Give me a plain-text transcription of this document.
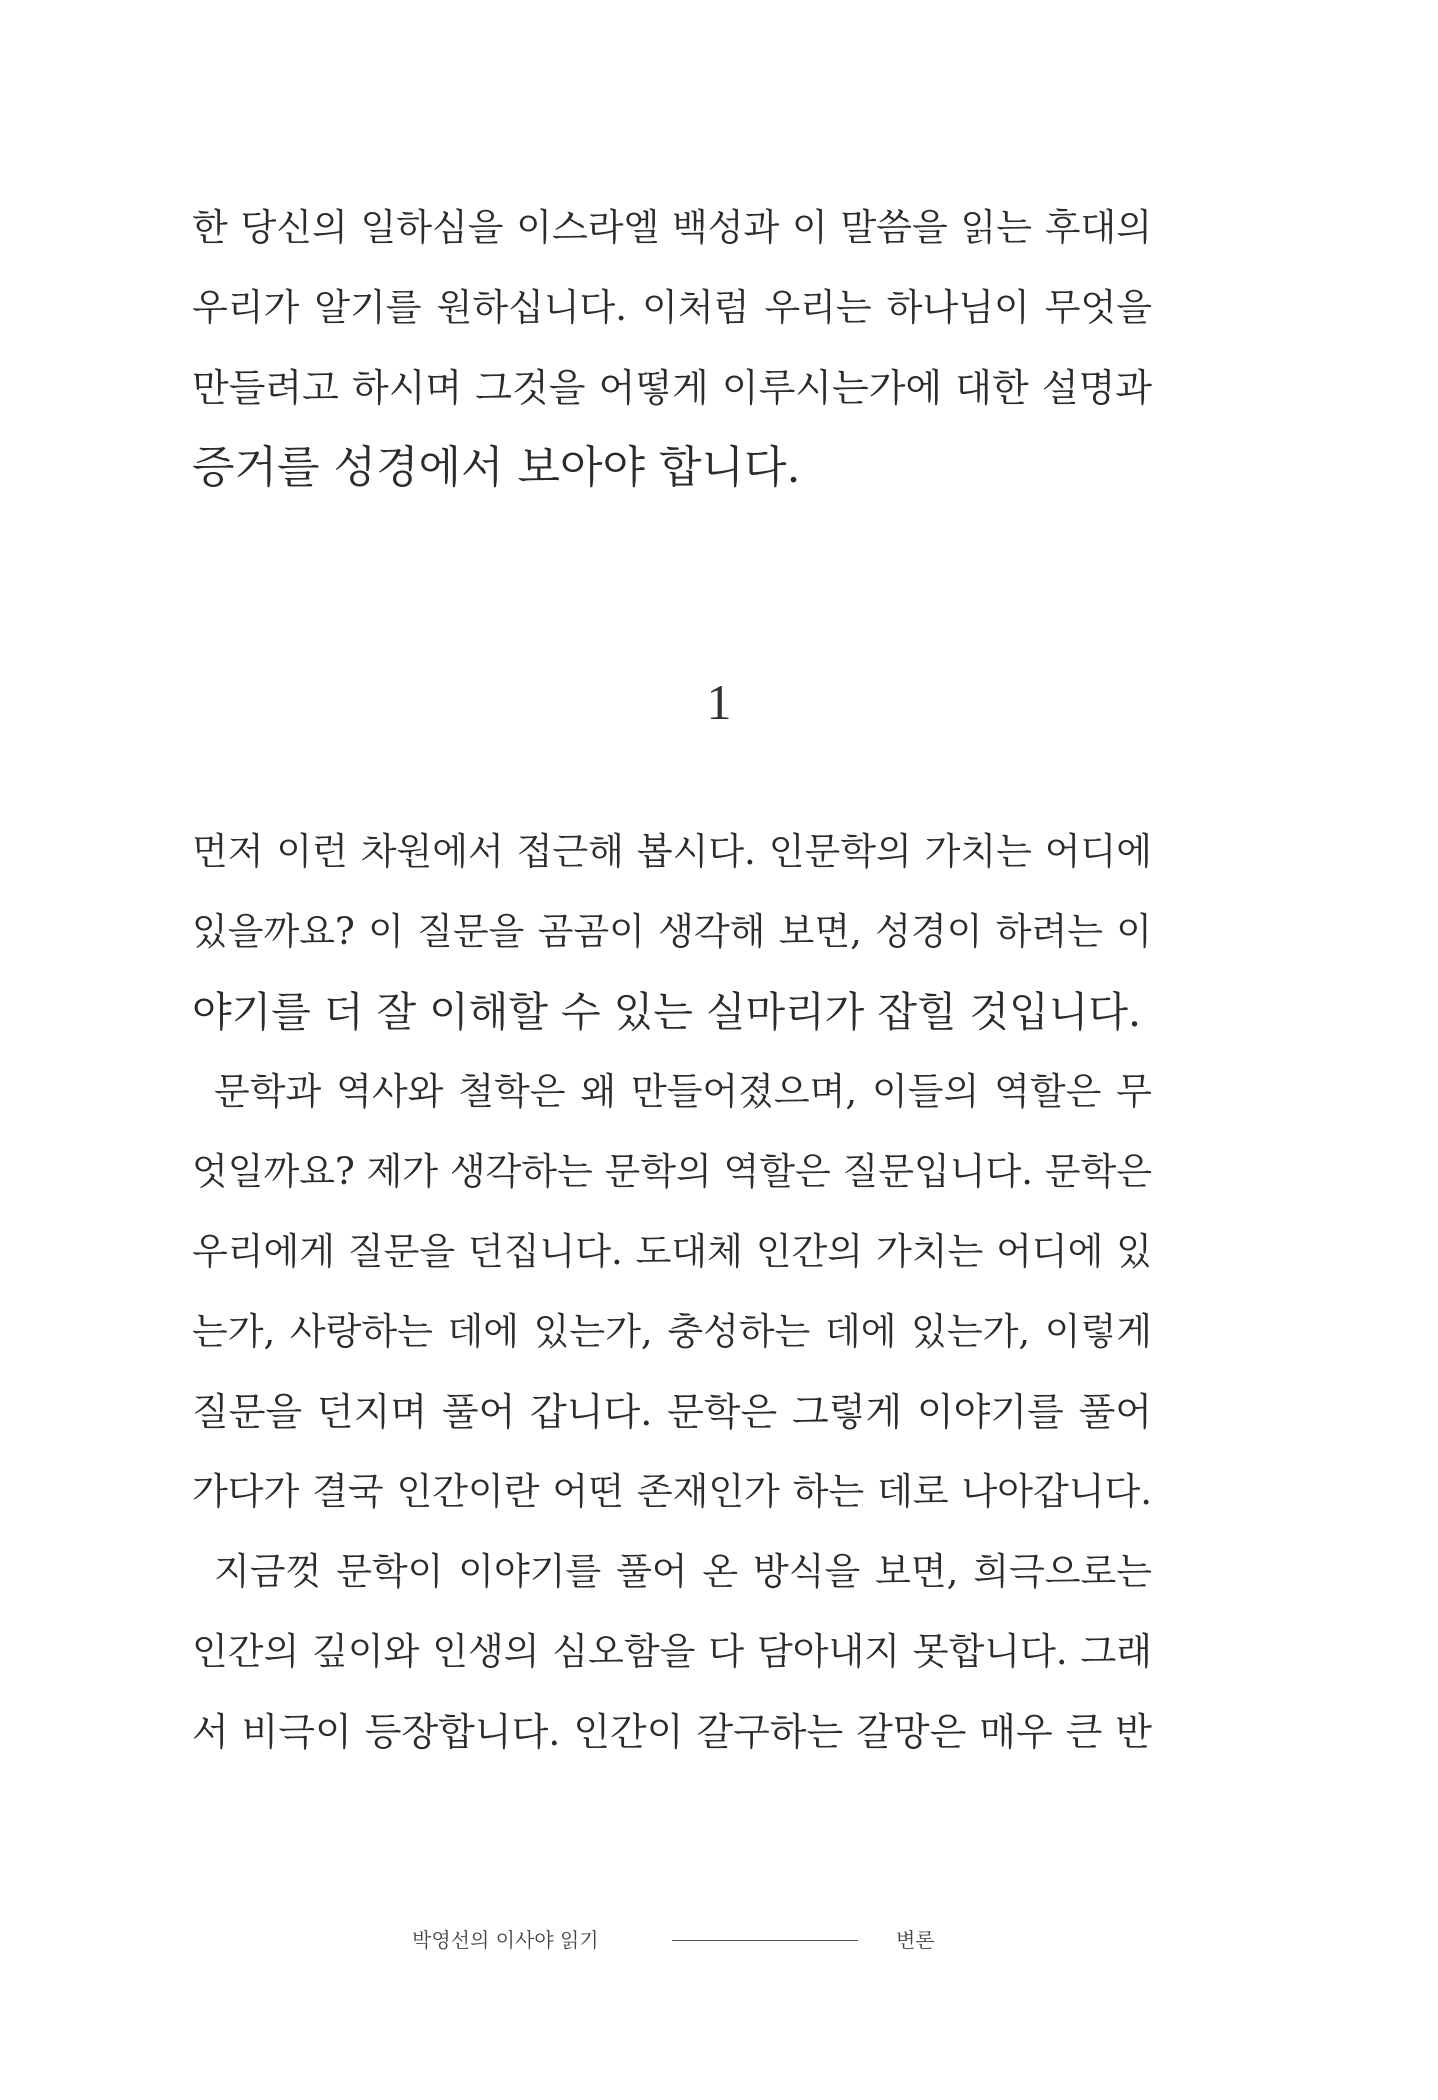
한 당신의 일하심을 이스라엘 백성과 이 말씀을 읽는 후대의
우리가 알기를 원하십니다. 이처럼 우리는 하나님이 무엇을
만들려고 하시며 그것을 어떻게 이루시는가에 대한 설명과
증거를 성경에서 보아야 합니다.
1
먼저 이런 차원에서 접근해 봅시다. 인문학의 가치는 어디에
있을까요? 이 질문을 곰곰이 생각해 보면, 성경이 하려는 이
야기를 더 잘 이해할 수 있는 실마리가 잡힐 것입니다.
문학과 역사와 철학은 왜 만들어졌으며, 이들의 역할은 무
엇일까요? 제가 생각하는 문학의 역할은 질문입니다. 문학은
우리에게 질문을 던집니다. 도대체 인간의 가치는 어디에 있
는가, 사랑하는 데에 있는가, 충성하는 데에 있는가, 이렇게
질문을 던지며 풀어 갑니다. 문학은 그렇게 이야기를 풀어
가다가 결국 인간이란 어떤 존재인가 하는 데로 나아갑니다.
지금껏 문학이 이야기를 풀어 온 방식을 보면, 희극으로는
인간의 깊이와 인생의 심오함을 다 담아내지 못합니다. 그래
서 비극이 등장합니다. 인간이 갈구하는 갈망은 매우 큰 반
박영선의 이사야 읽기	변론
